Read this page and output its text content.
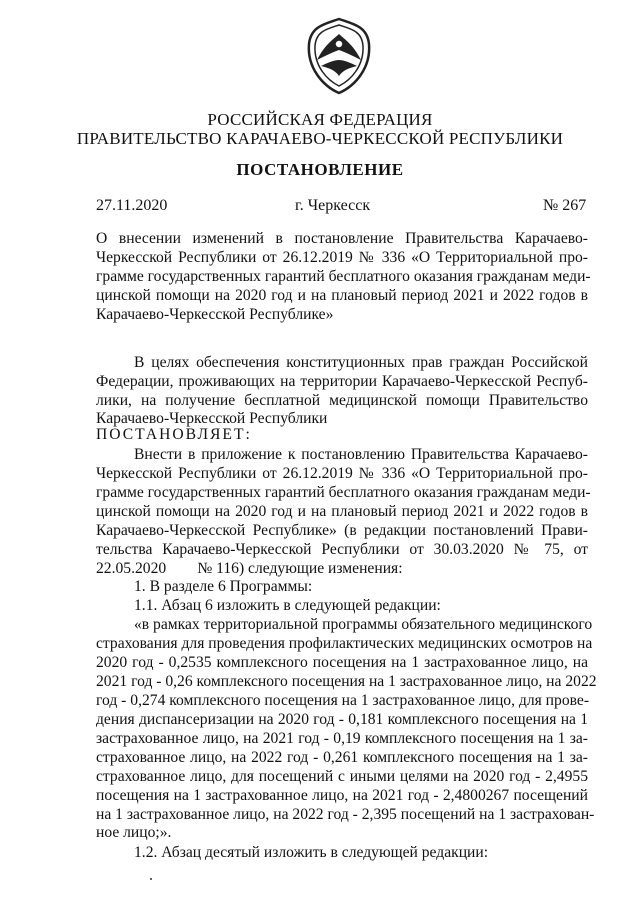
РОССИЙСКАЯ ФЕДЕРАЦИЯ
ПРАВИТЕЛЬСТВО КАРАЧАЕВО-ЧЕРКЕССКОЙ РЕСПУБЛИКИ
ПОСТАНОВЛЕНИЕ
27.11.2020	г. Черкесск	№ 267
О внесении изменений в постановление Правительства Карачаево-
Черкесской Республики от 26.12.2019 № 336 «О Территориальной про-
грамме государственных гарантий бесплатного оказания гражданам меди-
цинской помощи на 2020 год и на плановый период 2021 и 2022 годов в
Карачаево-Черкесской Республике»
В целях обеспечения конституционных прав граждан Российской
Федерации, проживающих на территории Карачаево-Черкесской Респуб-
лики, на получение бесплатной медицинской помощи Правительство
Карачаево-Черкесской Республики
ПОСТАНОВЛЯЕТ:
Внести в приложение к постановлению Правительства Карачаево-
Черкесской Республики от 26.12.2019 № 336 «О Территориальной про-
грамме государственных гарантий бесплатного оказания гражданам меди-
цинской помощи на 2020 год и на плановый период 2021 и 2022 годов в
Карачаево-Черкесской Республике» (в редакции постановлений Прави-
тельства Карачаево-Черкесской Республики от 30.03.2020 № 75, от
22.05.2020        № 116) следующие изменения:
1. В разделе 6 Программы:
1.1. Абзац 6 изложить в следующей редакции:
«в рамках территориальной программы обязательного медицинского
страхования для проведения профилактических медицинских осмотров на
2020 год - 0,2535 комплексного посещения на 1 застрахованное лицо, на
2021 год - 0,26 комплексного посещения на 1 застрахованное лицо, на 2022
год - 0,274 комплексного посещения на 1 застрахованное лицо, для прове-
дения диспансеризации на 2020 год - 0,181 комплексного посещения на 1
застрахованное лицо, на 2021 год - 0,19 комплексного посещения на 1 за-
страхованное лицо, на 2022 год - 0,261 комплексного посещения на 1 за-
страхованное лицо, для посещений с иными целями на 2020 год - 2,4955
посещения на 1 застрахованное лицо, на 2021 год - 2,4800267 посещений
на 1 застрахованное лицо, на 2022 год - 2,395 посещений на 1 застрахован-
ное лицо;».
1.2. Абзац десятый изложить в следующей редакции:
